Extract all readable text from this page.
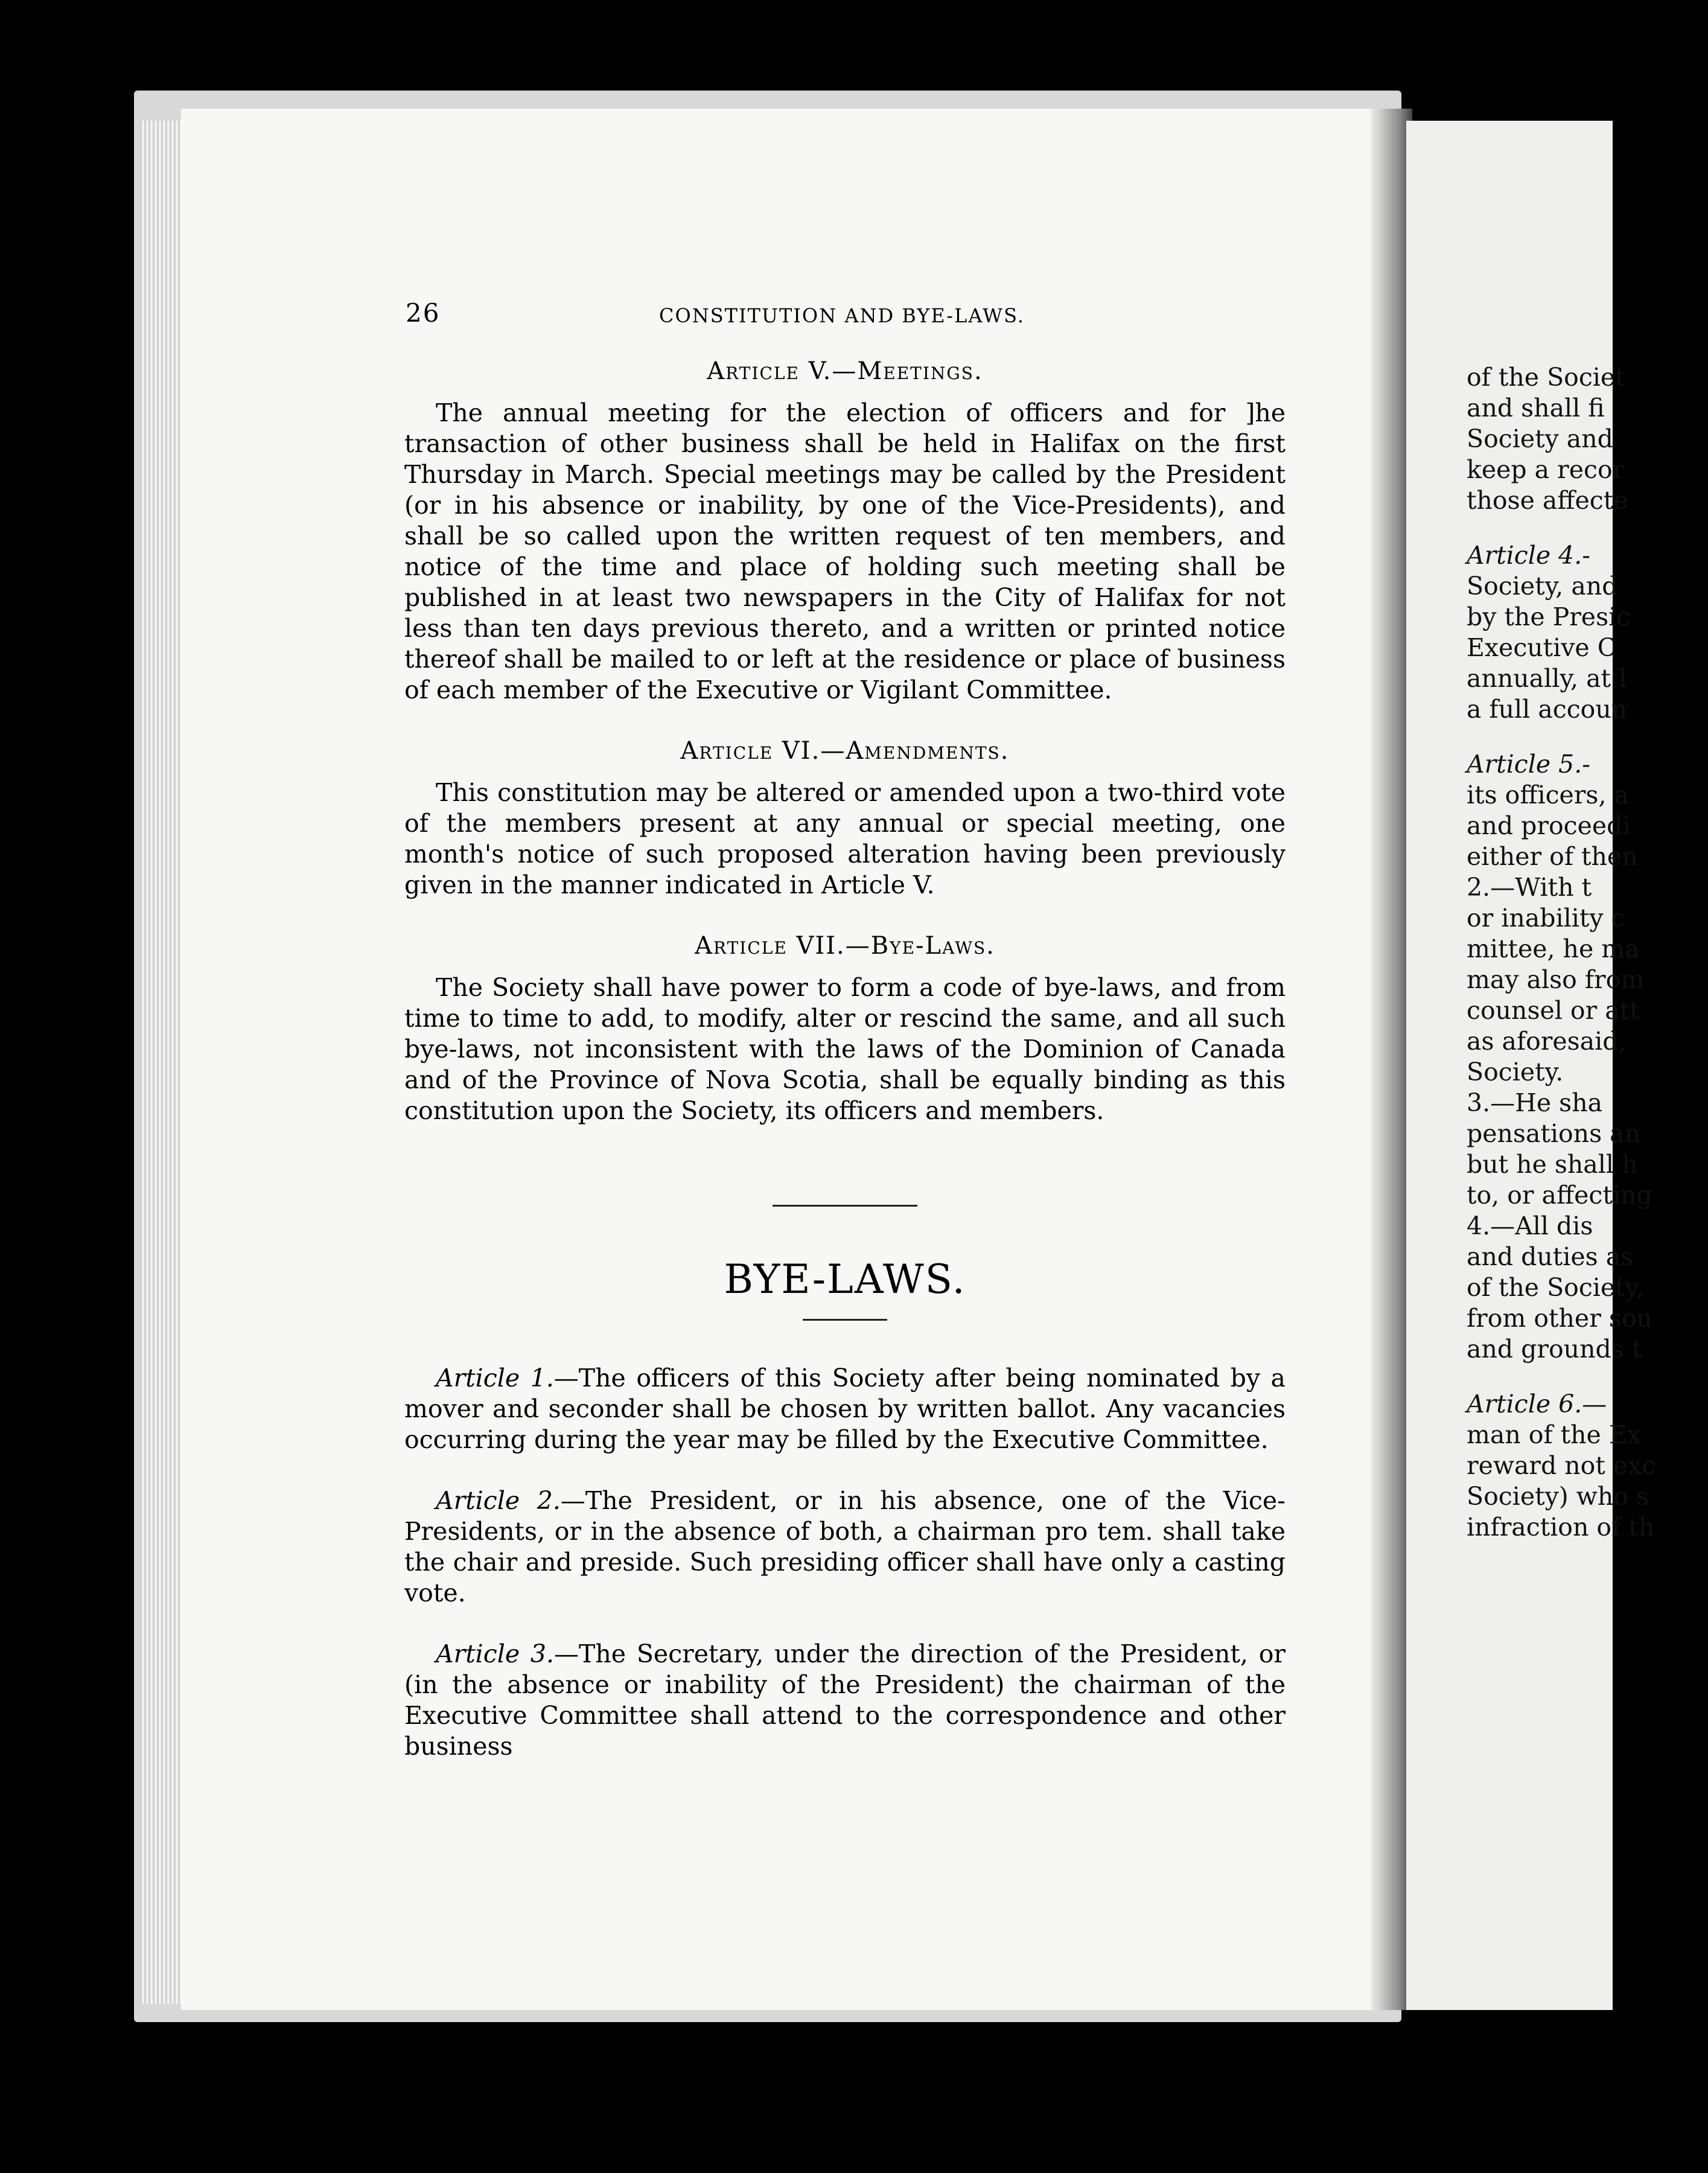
26	CONSTITUTION AND BYE-LAWS.
Article V.—Meetings.

The annual meeting for the election of officers and for ]he transaction of other business shall be held in Halifax on the first Thursday in March. Special meetings may be called by the President (or in his absence or inability, by one of the Vice-Presidents), and shall be so called upon the written request of ten members, and notice of the time and place of holding such meeting shall be published in at least two newspapers in the City of Halifax for not less than ten days previous thereto, and a written or printed notice thereof shall be mailed to or left at the residence or place of business of each member of the Executive or Vigilant Committee.

Article VI.—Amendments.

This constitution may be altered or amended upon a two-third vote of the members present at any annual or special meeting, one month's notice of such proposed alteration having been previously given in the manner indicated in Article V.

Article VII.—Bye-Laws.

The Society shall have power to form a code of bye-laws, and from time to time to add, to modify, alter or rescind the same, and all such bye-laws, not inconsistent with the laws of the Dominion of Canada and of the Province of Nova Scotia, shall be equally binding as this constitution upon the Society, its officers and members.

BYE-LAWS.

Article 1.—The officers of this Society after being nominated by a mover and seconder shall be chosen by written ballot. Any vacancies occurring during the year may be filled by the Executive Committee.

Article 2.—The President, or in his absence, one of the Vice-Presidents, or in the absence of both, a chairman pro tem. shall take the chair and preside. Such presiding officer shall have only a casting vote.

Article 3.—The Secretary, under the direction of the President, or (in the absence or inability of the President) the chairman of the Executive Committee shall attend to the correspondence and other business

of the Societ
and shall fi
Society and
keep a recor
those affecte
Article 4.-
Society, and
by the Presic
Executive C
annually, at l
a full accoun
Article 5.-
its officers, a
and proceedi
either of then
2.—With t
or inability c
mittee, he ma
may also from
counsel or att
as aforesaid,
Society.
3.—He sha
pensations an
but he shall h
to, or affecting
4.—All dis
and duties as
of the Society,
from other sou
and grounds t
Article 6.—
man of the Ex
reward not exc
Society) who s
infraction of th
